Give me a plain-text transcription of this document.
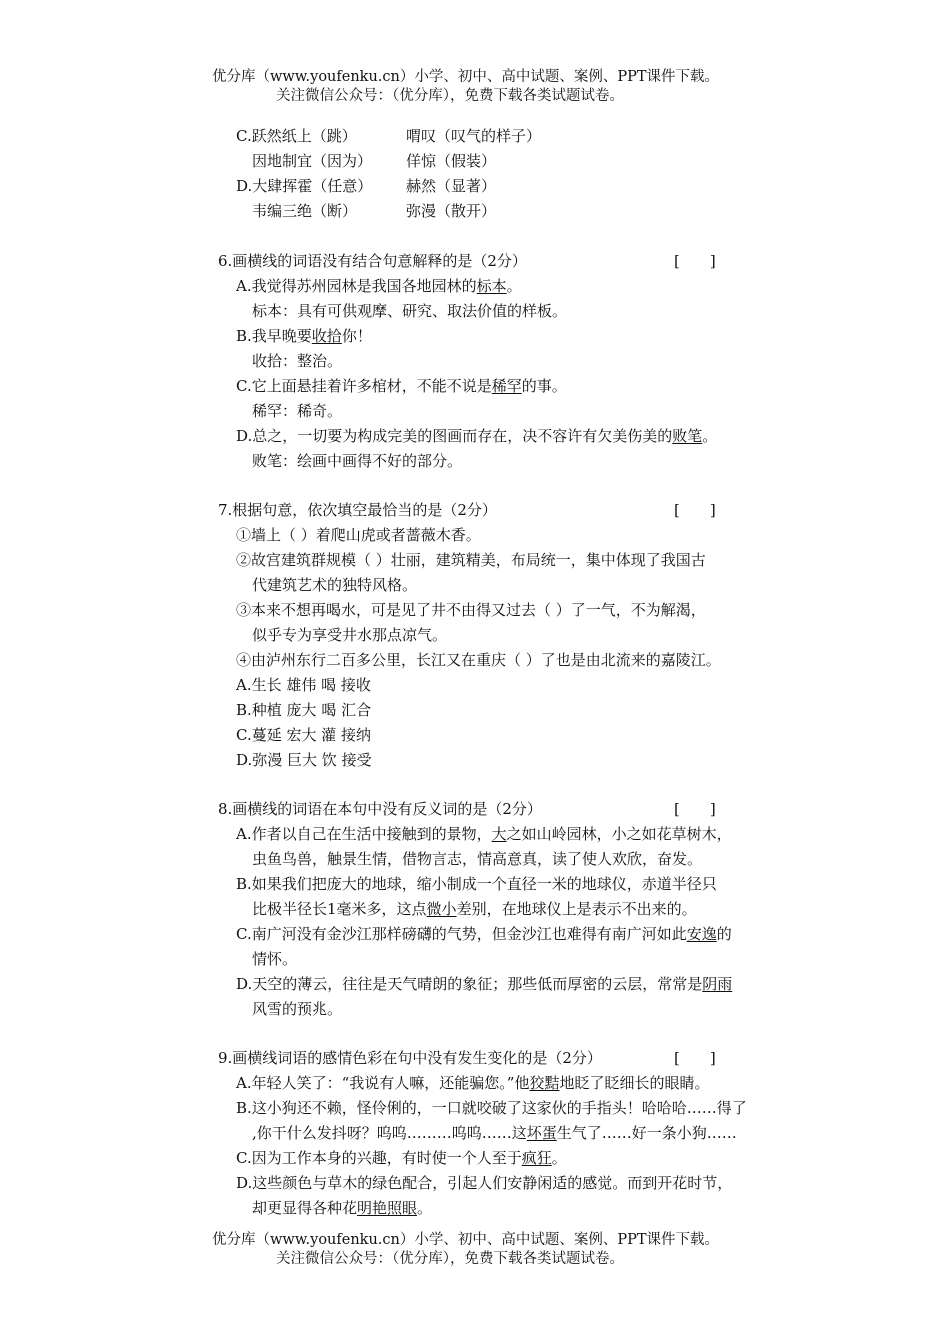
优分库（www.youfenku.cn）小学、初中、高中试题、案例、PPT课件下载。
关注微信公众号：（优分库），免费下载各类试题试卷。
C.跃然纸上（跳）	喟叹（叹气的样子）
因地制宜（因为） 佯惊（假装）
D.大肆挥霍（任意） 赫然（显著）
韦编三绝（断）	弥漫（散开）
6.画横线的词语没有结合句意解释的是（2分）	[　　]
A.我觉得苏州园林是我国各地园林的标本。
标本：具有可供观摩、研究、取法价值的样板。
B.我早晚要收拾你！
收拾：整治。
C.它上面悬挂着许多棺材，不能不说是稀罕的事。
稀罕：稀奇。
D.总之，一切要为构成完美的图画而存在，决不容许有欠美伤美的败笔。
败笔：绘画中画得不好的部分。
7.根据句意，依次填空最恰当的是（2分）	[　　]
①墙上（ ）着爬山虎或者蔷薇木香。
②故宫建筑群规模（ ）壮丽，建筑精美，布局统一，集中体现了我国古
代建筑艺术的独特风格。
③本来不想再喝水，可是见了井不由得又过去（ ）了一气，不为解渴，
似乎专为享受井水那点凉气。
④由泸州东行二百多公里，长江又在重庆（ ）了也是由北流来的嘉陵江。
A.生长 雄伟 喝 接收
B.种植 庞大 喝 汇合
C.蔓延 宏大 灌 接纳
D.弥漫 巨大 饮 接受
8.画横线的词语在本句中没有反义词的是（2分）	[　　]
A.作者以自己在生活中接触到的景物，大之如山岭园林，小之如花草树木，
虫鱼鸟兽，触景生情，借物言志，情高意真，读了使人欢欣，奋发。
B.如果我们把庞大的地球，缩小制成一个直径一米的地球仪，赤道半径只
比极半径长1毫米多，这点微小差别，在地球仪上是表示不出来的。
C.南广河没有金沙江那样磅礴的气势，但金沙江也难得有南广河如此安逸的
情怀。
D.天空的薄云，往往是天气晴朗的象征；那些低而厚密的云层，常常是阴雨
风雪的预兆。
9.画横线词语的感情色彩在句中没有发生变化的是（2分）	[　　]
A.年轻人笑了：“我说有人嘛，还能骗您。”他狡黠地眨了眨细长的眼睛。
B.这小狗还不赖，怪伶俐的，一口就咬破了这家伙的手指头！哈哈哈……得了
,你干什么发抖呀？呜呜………呜呜……这坏蛋生气了……好一条小狗……
C.因为工作本身的兴趣，有时使一个人至于疯狂。
D.这些颜色与草木的绿色配合，引起人们安静闲适的感觉。而到开花时节，
却更显得各种花明艳照眼。
优分库（www.youfenku.cn）小学、初中、高中试题、案例、PPT课件下载。
关注微信公众号：（优分库），免费下载各类试题试卷。
